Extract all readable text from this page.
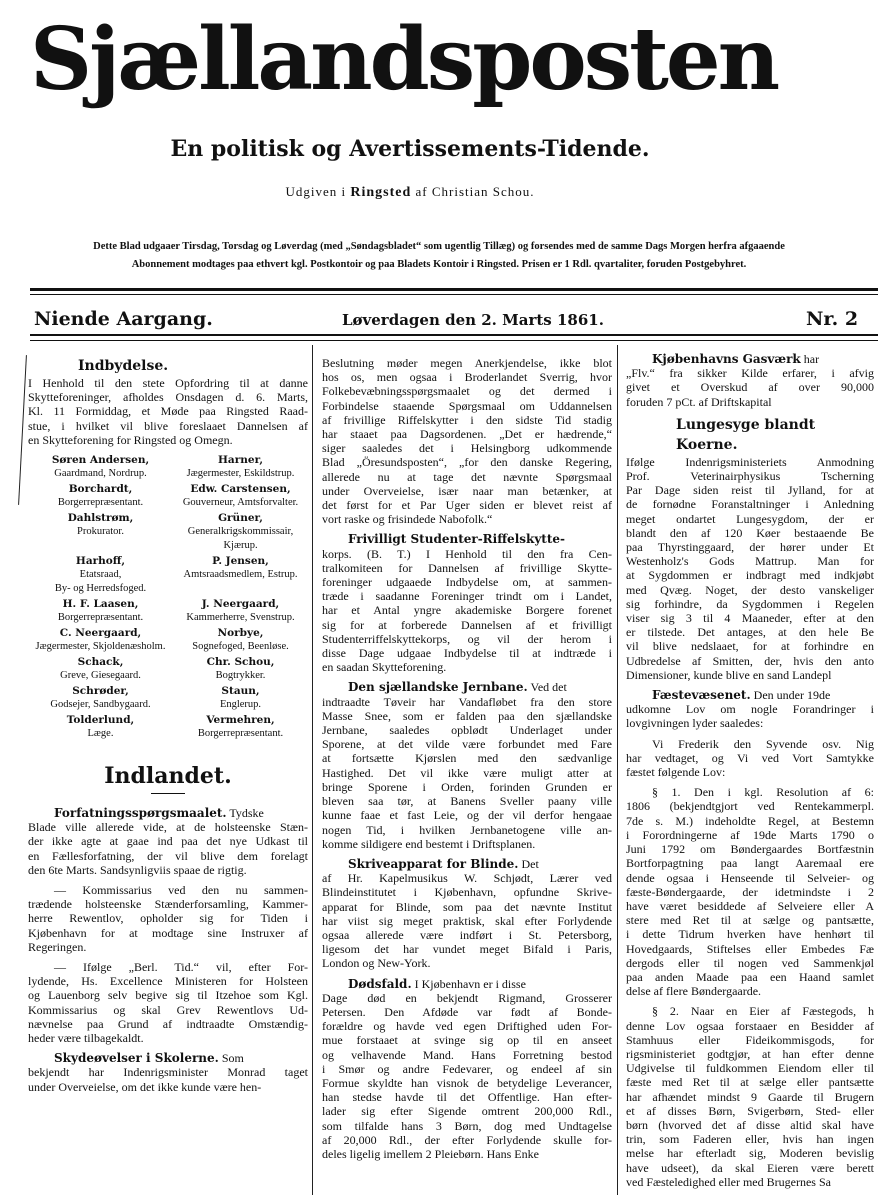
Sjællandsposten
En politisk og Avertissements-Tidende.
Udgiven i Ringsted af Christian Schou.
Dette Blad udgaaer Tirsdag, Torsdag og Løverdag (med „Søndagsbladet“ som ugentlig Tillæg) og forsendes med de samme Dags Morgen herfra afgaaende
Abonnement modtages paa ethvert kgl. Postkontoir og paa Bladets Kontoir i Ringsted. Prisen er 1 Rdl. qvartaliter, foruden Postgebyhret.
Niende Aargang.	Løverdagen den 2. Marts 1861.	Nr. 2
Indbydelse.
I Henhold til den stete Opfordring til at danne
Skytteforeninger, afholdes Onsdagen d. 6. Marts,
Kl. 11 Formiddag, et Møde paa Ringsted Raad-
stue, i hvilket vil blive foreslaaet Dannelsen af
en Skytteforening for Ringsted og Omegn.
Søren Andersen,
Gaardmand, Nordrup.
Harner,
Jægermester, Eskildstrup.
Borchardt,
Borgerrepræsentant.
Edw. Carstensen,
Gouverneur, Amtsforvalter.
Dahlstrøm,
Prokurator.
Grüner,
Generalkrigskommissair,
Kjærup.
Harhoff,
Etatsraad,
By- og Herredsfoged.
P. Jensen,
Amtsraadsmedlem, Estrup.
H. F. Laasen,
Borgerrepræsentant.
J. Neergaard,
Kammerherre, Svenstrup.
C. Neergaard,
Jægermester, Skjoldenæsholm.
Norbye,
Sognefoged, Beenløse.
Schack,
Greve, Giesegaard.
Chr. Schou,
Bogtrykker.
Schrøder,
Godsejer, Sandbygaard.
Staun,
Englerup.
Tolderlund,
Læge.
Vermehren,
Borgerrepræsentant.
Indlandet.
Forfatningsspørgsmaalet. Tydske
Blade ville allerede vide, at de holsteenske Stæn-
der ikke agte at gaae ind paa det nye Udkast til
en Fællesforfatning, der vil blive dem forelagt
den 6te Marts. Sandsynligviis spaae de rigtig.
— Kommissarius ved den nu sammen-
trædende holsteenske Stænderforsamling, Kammer-
herre Rewentlov, opholder sig for Tiden i
Kjøbenhavn for at modtage sine Instruxer af
Regeringen.
— Ifølge „Berl. Tid.“ vil, efter For-
lydende, Hs. Excellence Ministeren for Holsteen
og Lauenborg selv begive sig til Itzehoe som Kgl.
Kommissarius og skal Grev Rewentlovs Ud-
nævnelse paa Grund af indtraadte Omstændig-
heder være tilbagekaldt.
Skydeøvelser i Skolerne. Som
bekjendt har Indenrigsminister Monrad taget
under Overveielse, om det ikke kunde være hen-
Beslutning møder megen Anerkjendelse, ikke blot
hos os, men ogsaa i Broderlandet Sverrig, hvor
Folkebevæbningsspørgsmaalet og det dermed i
Forbindelse staaende Spørgsmaal om Uddannelsen
af frivillige Riffelskytter i den sidste Tid stadig
har staaet paa Dagsordenen. „Det er hædrende,“
siger saaledes det i Helsingborg udkommende
Blad „Öresundsposten“, „for den danske Regering,
allerede nu at tage det nævnte Spørgsmaal
under Overveielse, især naar man betænker, at
det først for et Par Uger siden er blevet reist af
vort raske og frisindede Nabofolk.“
Frivilligt Studenter-Riffelskytte-
korps. (B. T.) I Henhold til den fra Cen-
tralkomiteen for Dannelsen af frivillige Skytte-
foreninger udgaaede Indbydelse om, at sammen-
træde i saadanne Foreninger trindt om i Landet,
har et Antal yngre akademiske Borgere forenet
sig for at forberede Dannelsen af et frivilligt
Studenterriffelskyttekorps, og vil der herom i
disse Dage udgaae Indbydelse til at indtræde i
en saadan Skytteforening.
Den sjællandske Jernbane. Ved det
indtraadte Tøveir har Vandafløbet fra den store
Masse Snee, som er falden paa den sjællandske
Jernbane, saaledes opblødt Underlaget under
Sporene, at det vilde være forbundet med Fare
at fortsætte Kjørslen med den sædvanlige
Hastighed. Det vil ikke være muligt atter at
bringe Sporene i Orden, forinden Grunden er
bleven saa tør, at Banens Sveller paany ville
kunne faae et fast Leie, og der vil derfor hengaae
nogen Tid, i hvilken Jernbanetogene ville an-
komme sildigere end bestemt i Driftsplanen.
Skriveapparat for Blinde. Det
af Hr. Kapelmusikus W. Schjødt, Lærer ved
Blindeinstitutet i Kjøbenhavn, opfundne Skrive-
apparat for Blinde, som paa det nævnte Institut
har viist sig meget praktisk, skal efter Forlydende
ogsaa allerede være indført i St. Petersborg,
ligesom det har vundet meget Bifald i Paris,
London og New-York.
Dødsfald. I Kjøbenhavn er i disse
Dage død en bekjendt Rigmand, Grosserer
Petersen. Den Afdøde var født af Bonde-
forældre og havde ved egen Driftighed uden For-
mue forstaaet at svinge sig op til en anseet
og velhavende Mand. Hans Forretning bestod
i Smør og andre Fedevarer, og endeel af sin
Formue skyldte han visnok de betydelige Leverancer,
han stedse havde til det Offentlige. Han efter-
lader sig efter Sigende omtrent 200,000 Rdl.,
som tilfalde hans 3 Børn, dog med Undtagelse
af 20,000 Rdl., der efter Forlydende skulle for-
deles ligelig imellem 2 Pleiebørn. Hans Enke
Kjøbenhavns Gasværk har
„Flv.“ fra sikker Kilde erfarer, i afvig
givet et Overskud af over 90,000
foruden 7 pCt. af Driftskapital
Lungesyge blandt Koerne.
Ifølge Indenrigsministeriets Anmodning
Prof. Veterinairphysikus Tscherning
Par Dage siden reist til Jylland, for at
de fornødne Foranstaltninger i Anledning
meget ondartet Lungesygdom, der er
blandt den af 120 Køer bestaaende Be
paa Thyrstinggaard, der hører under Et
Westenholz's Gods Mattrup. Man for
at Sygdommen er indbragt med indkjøbt
med Qvæg. Noget, der desto vanskeliger
sig forhindre, da Sygdommen i Regelen
viser sig 3 til 4 Maaneder, efter at den
er tilstede. Det antages, at den hele Be
vil blive nedslaaet, for at forhindre en
Udbredelse af Smitten, der, hvis den anto
Dimensioner, kunde blive en sand Landepl
Fæstevæsenet. Den under 19de
udkomne Lov om nogle Forandringer i
lovgivningen lyder saaledes:
Vi Frederik den Syvende osv. Nig
har vedtaget, og Vi ved Vort Samtykke
fæstet følgende Lov:
§ 1. Den i kgl. Resolution af 6:
1806 (bekjendtgjort ved Rentekammerpl.
7de s. M.) indeholdte Regel, at Bestemn
i Forordningerne af 19de Marts 1790 o
Juni 1792 om Bøndergaardes Bortfæstnin
Bortforpagtning paa langt Aaremaal ere
dende ogsaa i Henseende til Selveier- og
fæste-Bøndergaarde, der idetmindste i 2
have været besiddede af Selveiere eller A
stere med Ret til at sælge og pantsætte,
i dette Tidrum hverken have henhørt til
Hovedgaards, Stiftelses eller Embedes Fæ
dergods eller til nogen ved Sammenkjøl
paa anden Maade paa een Haand samlet
delse af flere Bøndergaarde.
§ 2. Naar en Eier af Fæstegods, h
denne Lov ogsaa forstaaer en Besidder af
Stamhuus eller Fideikommisgods, for
rigsministeriet godtgjør, at han efter denne
Udgivelse til fuldkommen Eiendom eller til
fæste med Ret til at sælge eller pantsætte
har afhændet mindst 9 Gaarde til Brugern
et af disses Børn, Svigerbørn, Sted- eller
børn (hvorved det af disse altid skal have
trin, som Faderen eller, hvis han ingen
melse har efterladt sig, Moderen bevislig
have udseet), da skal Eieren være berett
ved Fæsteledighed eller med Brugernes Sa
